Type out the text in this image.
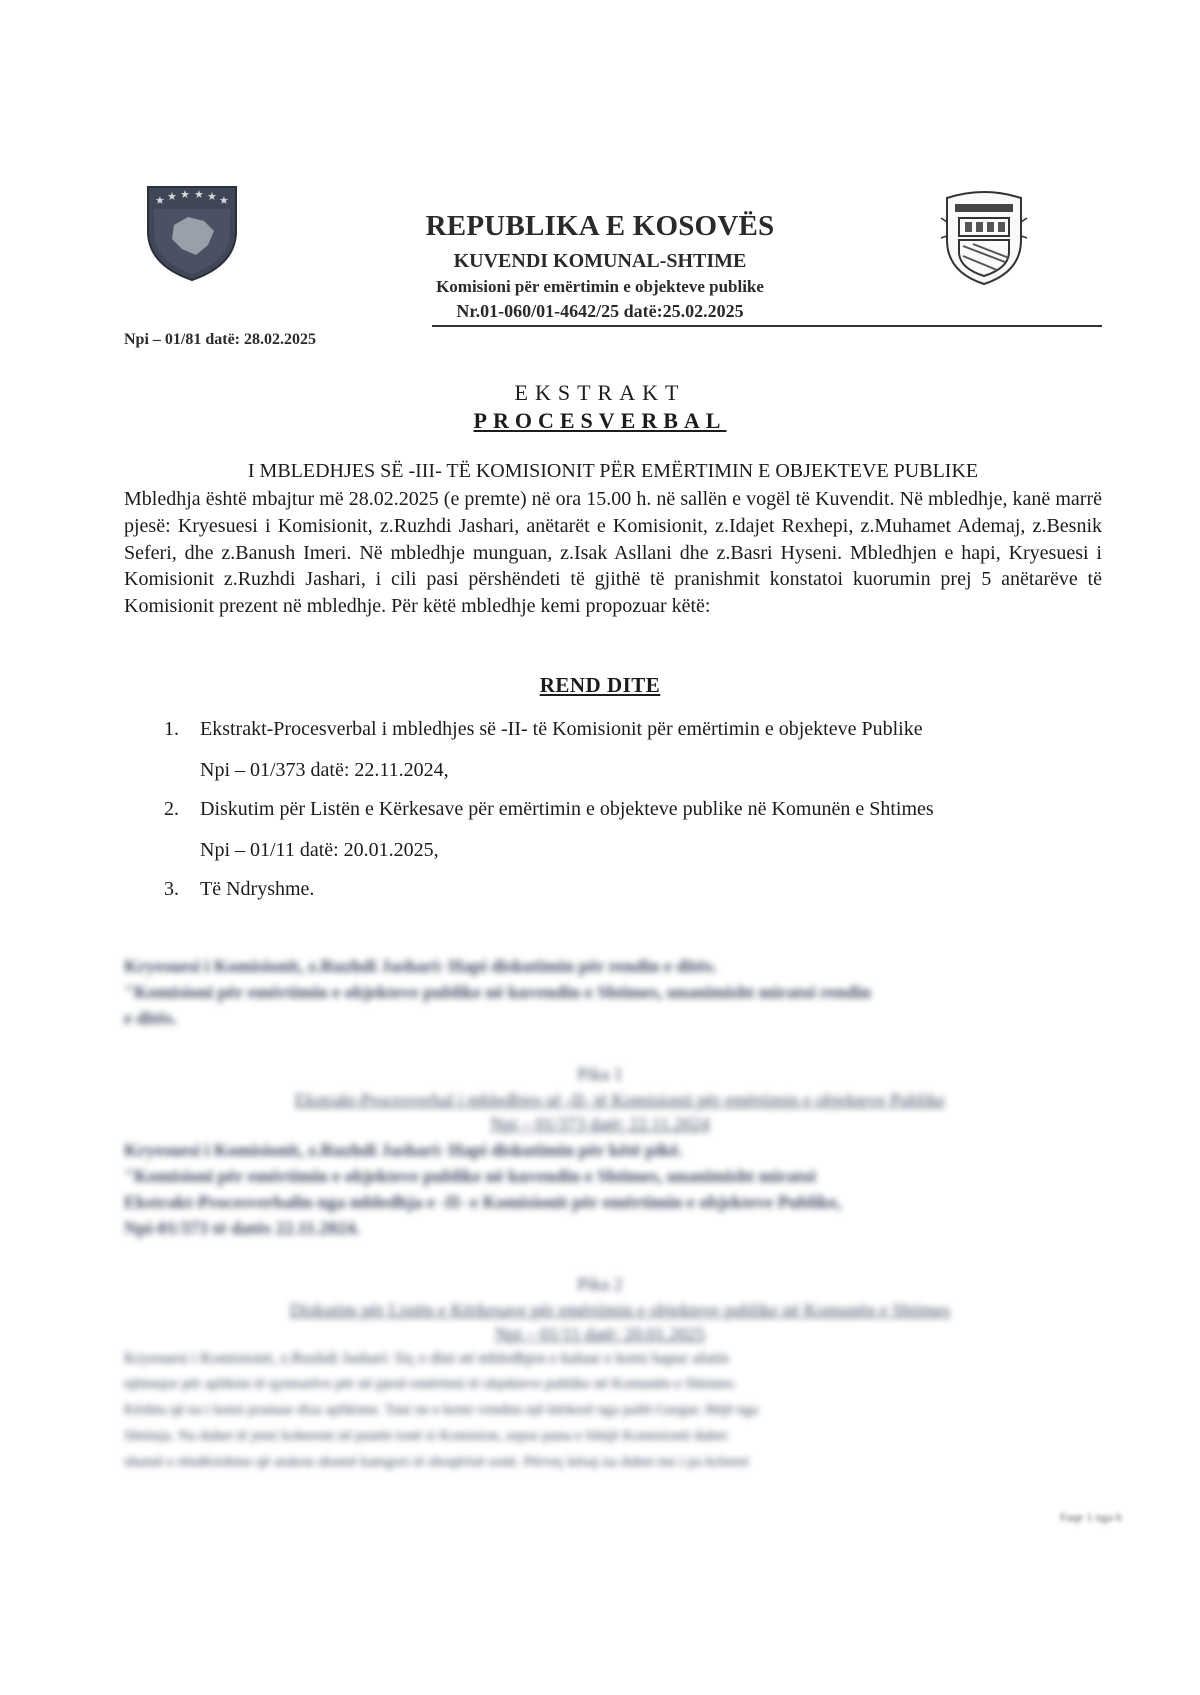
★ ★ ★ ★ ★ ★
REPUBLIKA E KOSOVËS
KUVENDI KOMUNAL-SHTIME
Komisioni për emërtimin e objekteve publike
Nr.01-060/01-4642/25 datë:25.02.2025
Npi – 01/81 datë: 28.02.2025
EKSTRAKT
PROCESVERBAL
I MBLEDHJES SË -III- TË KOMISIONIT PËR EMËRTIMIN E OBJEKTEVE PUBLIKE
Mbledhja është mbajtur më 28.02.2025 (e premte) në ora 15.00 h. në sallën e vogël të Kuvendit. Në mbledhje, kanë marrë pjesë: Kryesuesi i Komisionit, z.Ruzhdi Jashari, anëtarët e Komisionit, z.Idajet Rexhepi, z.Muhamet Ademaj, z.Besnik Seferi, dhe z.Banush Imeri. Në mbledhje munguan, z.Isak Asllani dhe z.Basri Hyseni. Mbledhjen e hapi, Kryesuesi i Komisionit z.Ruzhdi Jashari, i cili pasi përshëndeti të gjithë të pranishmit konstatoi kuorumin prej 5 anëtarëve të Komisionit prezent në mbledhje. Për këtë mbledhje kemi propozuar këtë:
REND DITE
1. Ekstrakt-Procesverbal i mbledhjes së -II- të Komisionit për emërtimin e objekteve Publike
Npi – 01/373 datë: 22.11.2024,
2. Diskutim për Listën e Kërkesave për emërtimin e objekteve publike në Komunën e Shtimes
Npi – 01/11 datë: 20.01.2025,
3. Të Ndryshme.
Kryesuesi i Komisionit, z.Ruzhdi Jashari: Hapi diskutimin për rendin e ditës.
"Komisioni për emërtimin e objekteve publike në kuvendin e Shtimes, unanimisht miratoi rendin
e ditës.
Pika 1
Ekstrakt-Procesverbal i mbledhjes së -II- të Komisionit për emërtimin e objekteve Publike
Npi – 01/373 datë: 22.11.2024
Kryesuesi i Komisionit, z.Ruzhdi Jashari: Hapi diskutimin për këtë pikë.
"Komisioni për emërtimin e objekteve publike në kuvendin e Shtimes, unanimisht miratoi
Ekstrakt-Procesverbalin nga mbledhja e -II- e Komisionit për emërtimin e objekteve Publike,
Npi-01/373 të datës 22.11.2024.
Pika 2
Diskutim për Listën e Kërkesave për emërtimin e objekteve publike në Komunën e Shtimes
Npi – 01/11 datë: 20.01.2025
Kryesuesi i Komisionit, z.Ruzhdi Jashari: Siç e dini në mbledhjen e kaluar e kemi hapur afatin
njëmujor për aplikim të qytetarëve për në pjesë emërtimi të objekteve publike në Komunën e Shtimes.
Kështu që na i kemi pranuar disa aplikime. Tani ne e kemi vendim një kërkesë nga palët Gurgur. Bëjë nga
Shtimja. Na duhet të jemi koherent në punën tonë si Komision, sepse puna e fshijë Komisionit duhet
shumë e rëndësishme që atakon shumë kategori të shoqërisë sonë. Përveç kësaj na duhet me i pa kriteret
Faqe 1 nga 6
